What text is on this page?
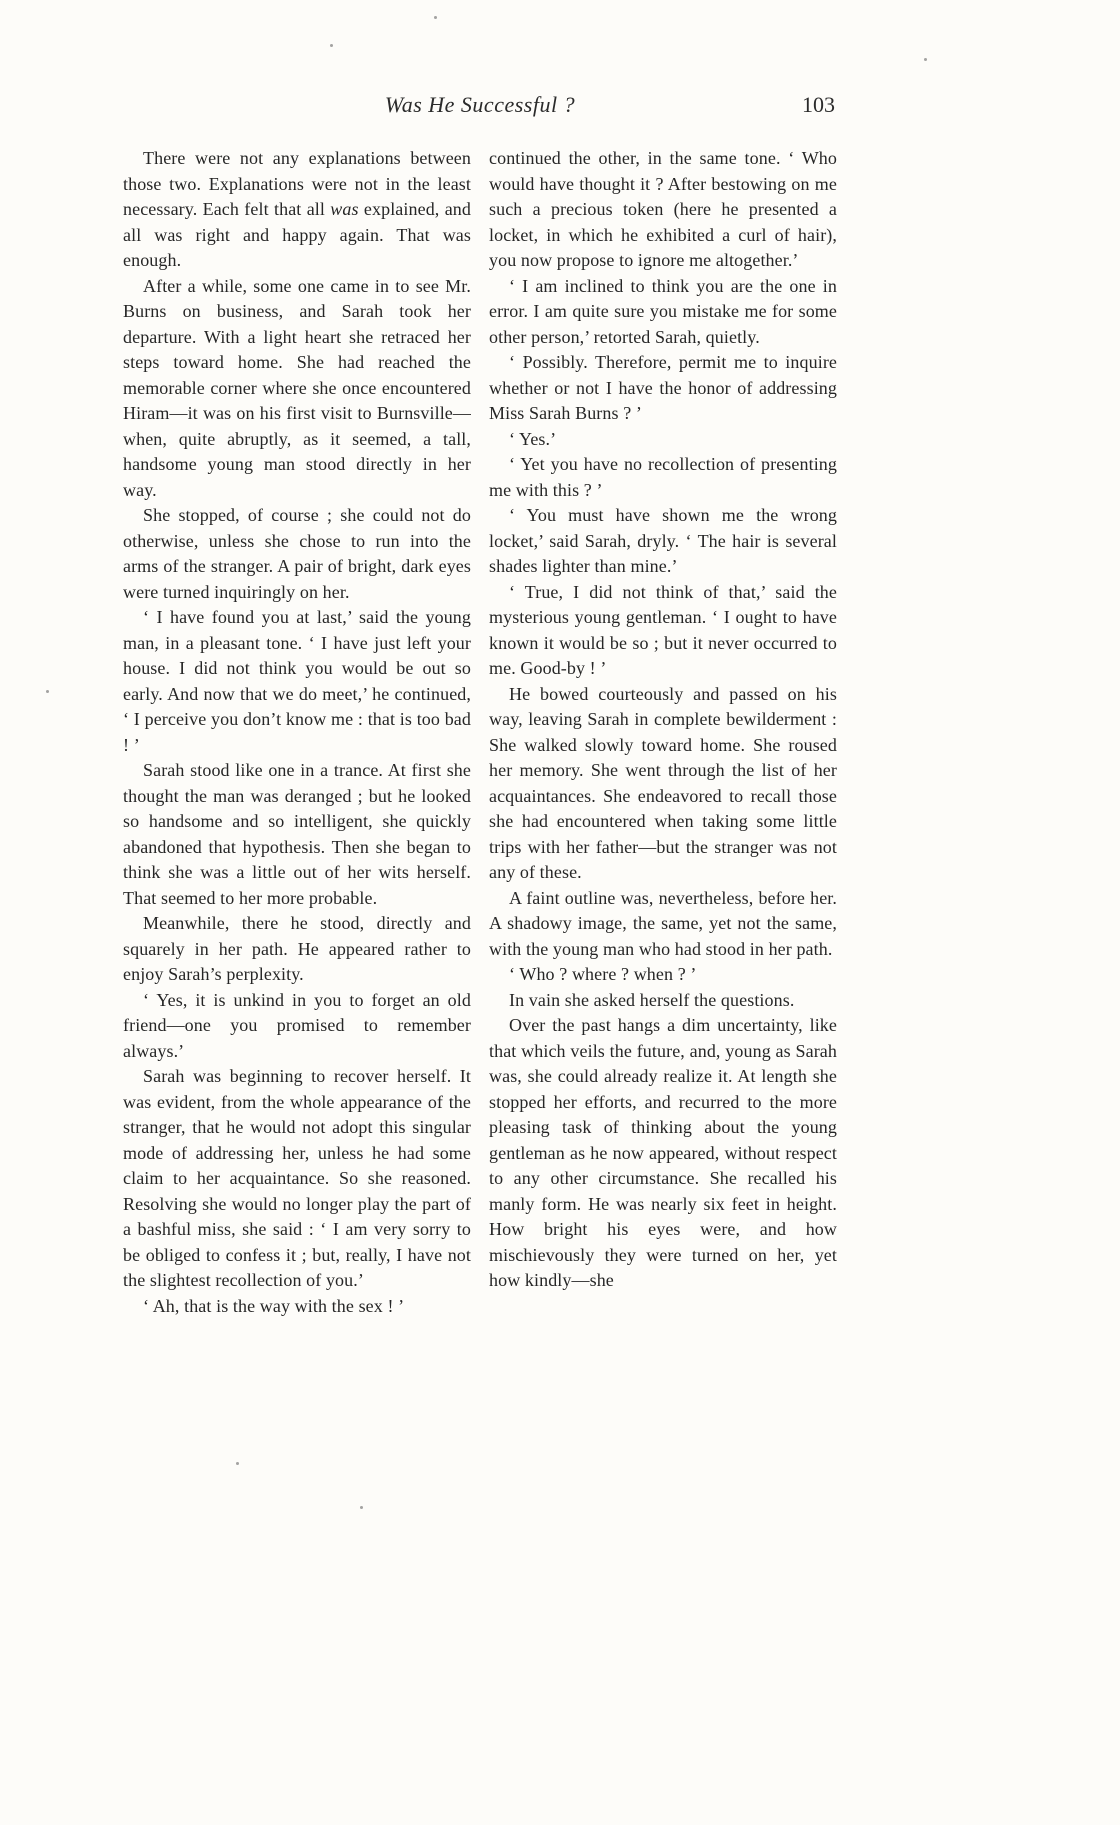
Was He Successful ?	103

There were not any explanations between those two. Explanations were not in the least necessary. Each felt that all was explained, and all was right and happy again. That was enough.

After a while, some one came in to see Mr. Burns on business, and Sarah took her departure. With a light heart she retraced her steps toward home. She had reached the memorable corner where she once encountered Hiram—it was on his first visit to Burnsville—when, quite abruptly, as it seemed, a tall, handsome young man stood directly in her way.

She stopped, of course ; she could not do otherwise, unless she chose to run into the arms of the stranger. A pair of bright, dark eyes were turned inquiringly on her.

‘ I have found you at last,’ said the young man, in a pleasant tone. ‘ I have just left your house. I did not think you would be out so early. And now that we do meet,’ he continued, ‘ I perceive you don’t know me : that is too bad ! ’

Sarah stood like one in a trance. At first she thought the man was deranged ; but he looked so handsome and so intelligent, she quickly abandoned that hypothesis. Then she began to think she was a little out of her wits herself. That seemed to her more probable.

Meanwhile, there he stood, directly and squarely in her path. He appeared rather to enjoy Sarah’s perplexity.

‘ Yes, it is unkind in you to forget an old friend—one you promised to remember always.’

Sarah was beginning to recover herself. It was evident, from the whole appearance of the stranger, that he would not adopt this singular mode of addressing her, unless he had some claim to her acquaintance. So she reasoned. Resolving she would no longer play the part of a bashful miss, she said : ‘ I am very sorry to be obliged to confess it ; but, really, I have not the slightest recollection of you.’

‘ Ah, that is the way with the sex ! ’

continued the other, in the same tone. ‘ Who would have thought it ? After bestowing on me such a precious token (here he presented a locket, in which he exhibited a curl of hair), you now propose to ignore me altogether.’

‘ I am inclined to think you are the one in error. I am quite sure you mistake me for some other person,’ retorted Sarah, quietly.

‘ Possibly. Therefore, permit me to inquire whether or not I have the honor of addressing Miss Sarah Burns ? ’

‘ Yes.’

‘ Yet you have no recollection of presenting me with this ? ’

‘ You must have shown me the wrong locket,’ said Sarah, dryly. ‘ The hair is several shades lighter than mine.’

‘ True, I did not think of that,’ said the mysterious young gentleman. ‘ I ought to have known it would be so ; but it never occurred to me. Good-by ! ’

He bowed courteously and passed on his way, leaving Sarah in complete bewilderment : She walked slowly toward home. She roused her memory. She went through the list of her acquaintances. She endeavored to recall those she had encountered when taking some little trips with her father—but the stranger was not any of these.

A faint outline was, nevertheless, before her. A shadowy image, the same, yet not the same, with the young man who had stood in her path.

‘ Who ? where ? when ? ’

In vain she asked herself the questions.

Over the past hangs a dim uncertainty, like that which veils the future, and, young as Sarah was, she could already realize it. At length she stopped her efforts, and recurred to the more pleasing task of thinking about the young gentleman as he now appeared, without respect to any other circumstance. She recalled his manly form. He was nearly six feet in height. How bright his eyes were, and how mischievously they were turned on her, yet how kindly—she
